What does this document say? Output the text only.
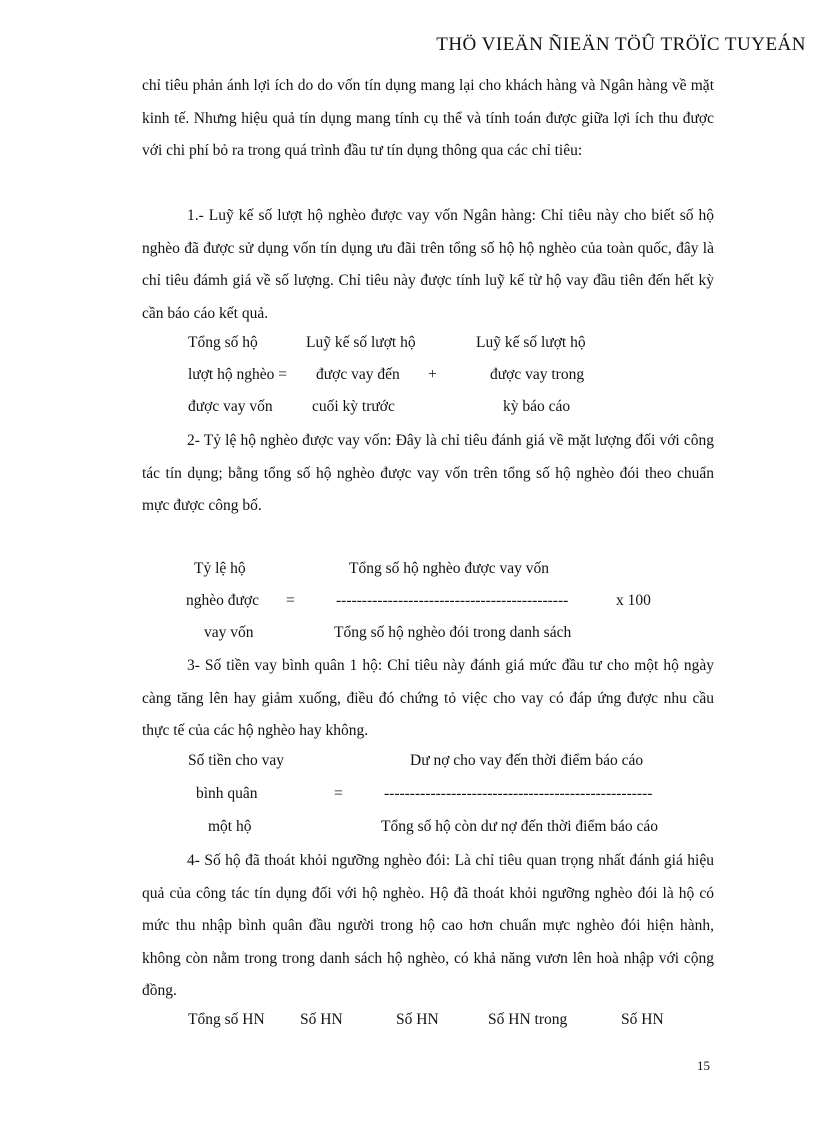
THÖ VIEÄN ÑIEÄN TÖÛ TRÖÏC TUYEÁN
chỉ tiêu phản ánh lợi ích do do vốn tín dụng mang lại cho khách hàng và Ngân hàng về mặt kinh tế. Nhưng hiệu quả tín dụng mang tính cụ thể và tính toán được giữa lợi ích thu được với chi phí bỏ ra trong quá trình đầu tư tín dụng thông qua các chỉ tiêu:
1.- Luỹ kế số lượt hộ nghèo được vay vốn Ngân hàng: Chỉ tiêu này cho biết số hộ nghèo đã được sử dụng vốn tín dụng ưu đãi trên tổng số hộ hộ nghèo của toàn quốc, đây là chỉ tiêu đámh giá về số lượng. Chỉ tiêu này được tính luỹ kế từ hộ vay đầu tiên đến hết kỳ cần báo cáo kết quả.
Tổng số hộ
lượt hộ nghèo =
được vay vốn
Luỹ kế số lượt hộ
được vay đến
cuối kỳ trước
+
Luỹ kế số lượt hộ
được vay trong
kỳ báo cáo
2- Tỷ lệ hộ nghèo được vay vốn: Đây là chỉ tiêu đánh giá về mặt lượng đối với công tác tín dụng; bằng tổng số hộ nghèo được vay vốn trên tổng số hộ nghèo đói theo chuẩn mực được công bố.
Tỷ lệ hộ
nghèo được
vay vốn
=
Tổng số hộ nghèo được vay vốn
---------------------------------------------
Tổng số hộ nghèo đói trong danh sách
x 100
3- Số tiền vay bình quân 1 hộ: Chỉ tiêu này đánh giá mức đầu tư cho một hộ ngày càng tăng lên hay giảm xuống, điều đó chứng tỏ việc cho vay có đáp ứng được nhu cầu thực tế của các hộ nghèo hay không.
Số tiền cho vay
bình quân
một hộ
=
Dư nợ cho vay đến thời điểm báo cáo
----------------------------------------------------
Tổng số hộ còn dư nợ đến thời điểm báo cáo
4- Số hộ đã thoát khỏi ngưỡng nghèo đói: Là chỉ tiêu quan trọng nhất đánh giá hiệu quả của công tác tín dụng đối với hộ nghèo. Hộ đã thoát khỏi ngưỡng nghèo đói là hộ có mức thu nhập bình quân đầu người trong hộ cao hơn chuẩn mực nghèo đói hiện hành, không còn nằm trong trong danh sách hộ nghèo, có khả năng vươn lên hoà nhập với cộng đồng.
Tổng số HN Số HN	Số HN	Số HN trong	Số HN
15
